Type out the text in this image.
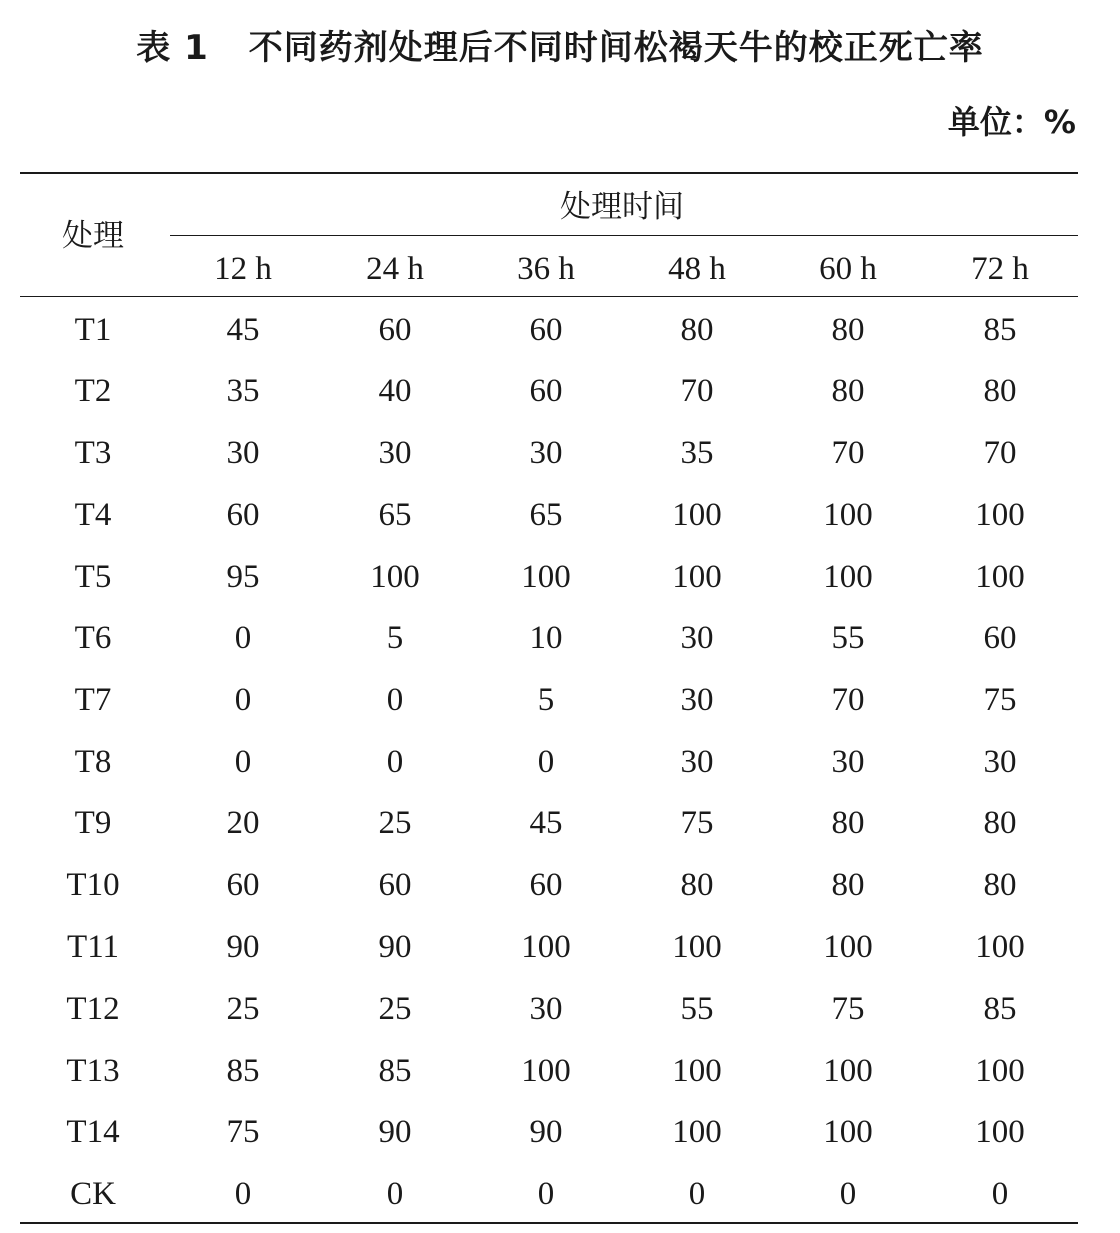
表 1 不同药剂处理后不同时间松褐天牛的校正死亡率
单位：%
处理
处理时间
12 h	24 h	36 h	48 h	60 h	72 h
T1	45	60	60	80	80	85
T2	35	40	60	70	80	80
T3	30	30	30	35	70	70
T4	60	65	65	100	100	100
T5	95	100	100	100	100	100
T6	0	5	10	30	55	60
T7	0	0	5	30	70	75
T8	0	0	0	30	30	30
T9	20	25	45	75	80	80
T10	60	60	60	80	80	80
T11	90	90	100	100	100	100
T12	25	25	30	55	75	85
T13	85	85	100	100	100	100
T14	75	90	90	100	100	100
CK	0	0	0	0	0	0
